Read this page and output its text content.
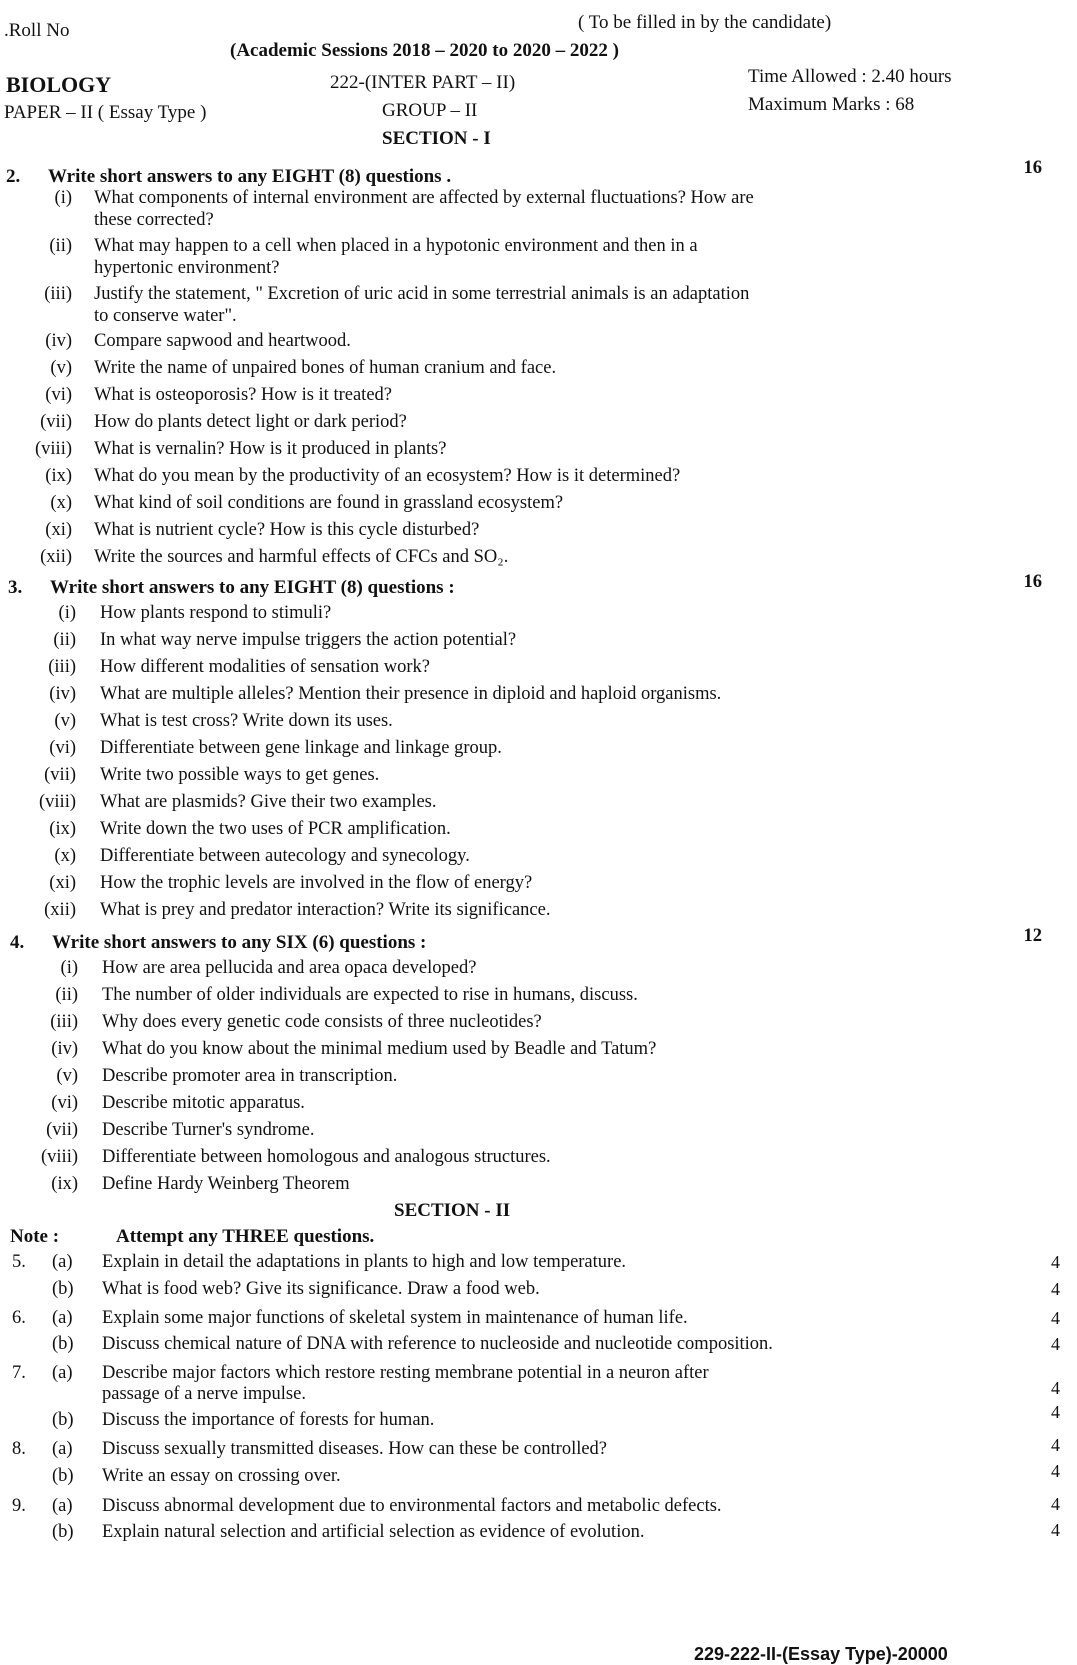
.Roll No	( To be filled in by the candidate)
(Academic Sessions 2018 – 2020 to 2020 – 2022 )
BIOLOGY	222-(INTER PART – II)	Time Allowed : 2.40 hours
PAPER – II ( Essay Type )	GROUP – II	Maximum Marks : 68
SECTION - I
2. Write short answers to any EIGHT (8) questions .	16
(i) What components of internal environment are affected by external fluctuations? How are
these corrected?
(ii) What may happen to a cell when placed in a hypotonic environment and then in a
hypertonic environment?
(iii) Justify the statement, " Excretion of uric acid in some terrestrial animals is an adaptation
to conserve water".
(iv) Compare sapwood and heartwood.
(v) Write the name of unpaired bones of human cranium and face.
(vi) What is osteoporosis? How is it treated?
(vii) How do plants detect light or dark period?
(viii) What is vernalin? How is it produced in plants?
(ix) What do you mean by the productivity of an ecosystem? How is it determined?
(x) What kind of soil conditions are found in grassland ecosystem?
(xi) What is nutrient cycle? How is this cycle disturbed?
(xii) Write the sources and harmful effects of CFCs and SO₂.
3. Write short answers to any EIGHT (8) questions :	16
(i) How plants respond to stimuli?
(ii) In what way nerve impulse triggers the action potential?
(iii) How different modalities of sensation work?
(iv) What are multiple alleles? Mention their presence in diploid and haploid organisms.
(v) What is test cross? Write down its uses.
(vi) Differentiate between gene linkage and linkage group.
(vii) Write two possible ways to get genes.
(viii) What are plasmids? Give their two examples.
(ix) Write down the two uses of PCR amplification.
(x) Differentiate between autecology and synecology.
(xi) How the trophic levels are involved in the flow of energy?
(xii) What is prey and predator interaction? Write its significance.
4. Write short answers to any SIX (6) questions :	12
(i) How are area pellucida and area opaca developed?
(ii) The number of older individuals are expected to rise in humans, discuss.
(iii) Why does every genetic code consists of three nucleotides?
(iv) What do you know about the minimal medium used by Beadle and Tatum?
(v) Describe promoter area in transcription.
(vi) Describe mitotic apparatus.
(vii) Describe Turner's syndrome.
(viii) Differentiate between homologous and analogous structures.
(ix) Define Hardy Weinberg Theorem
SECTION - II
Note :	Attempt any THREE questions.
5. (a) Explain in detail the adaptations in plants to high and low temperature.	4
(b) What is food web? Give its significance. Draw a food web.	4
6. (a) Explain some major functions of skeletal system in maintenance of human life.	4
(b) Discuss chemical nature of DNA with reference to nucleoside and nucleotide composition.	4
7. (a) Describe major factors which restore resting membrane potential in a neuron after
passage of a nerve impulse.	4
(b) Discuss the importance of forests for human.	4
8. (a) Discuss sexually transmitted diseases. How can these be controlled?	4
(b) Write an essay on crossing over.	4
9. (a) Discuss abnormal development due to environmental factors and metabolic defects.	4
(b) Explain natural selection and artificial selection as evidence of evolution.	4
229-222-II-(Essay Type)-20000
